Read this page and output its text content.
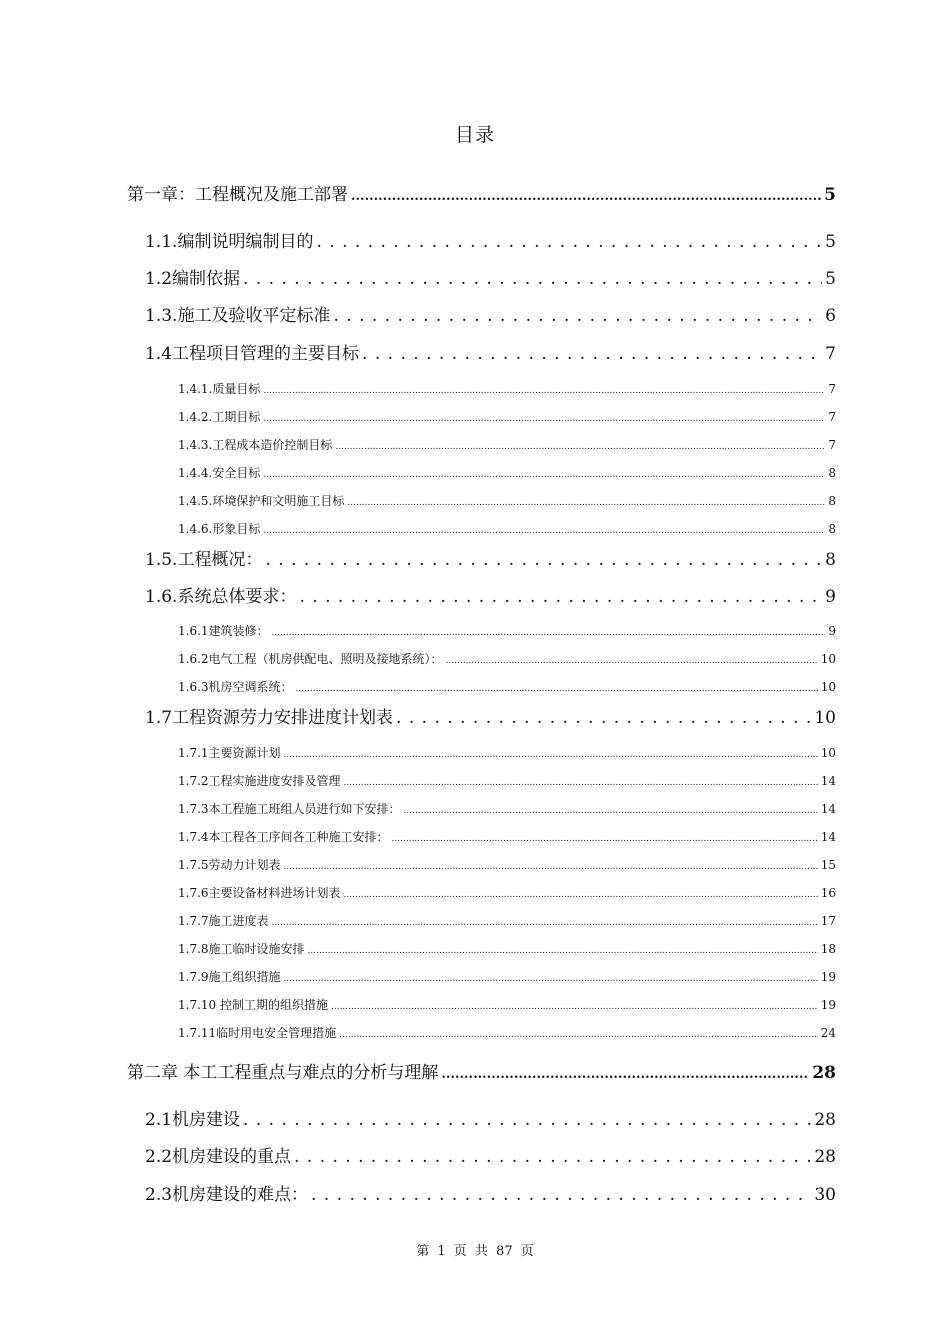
目录
第一章：工程概况及施工部署 .....	5
1.1.编制说明编制目的 . . .	5
1.2编制依据 . . .	5
1.3.施工及验收平定标准 . . .	6
1.4工程项目管理的主要目标 . . .	7
1.4.1.质量目标 .....	7
1.4.2.工期目标 .....	7
1.4.3.工程成本造价控制目标 .....	7
1.4.4.安全目标 .....	8
1.4.5.环境保护和文明施工目标 .....	8
1.4.6.形象目标 .....	8
1.5.工程概况： . . .	8
1.6.系统总体要求： . . .	9
1.6.1建筑装修： .....	9
1.6.2电气工程（机房供配电、照明及接地系统）： .....	10
1.6.3机房空调系统： .....	10
1.7工程资源劳力安排进度计划表 . . .	10
1.7.1主要资源计划 .....	10
1.7.2工程实施进度安排及管理 .....	14
1.7.3本工程施工班组人员进行如下安排： .....	14
1.7.4本工程各工序间各工种施工安排： .....	14
1.7.5劳动力计划表 .....	15
1.7.6主要设备材料进场计划表 .....	16
1.7.7施工进度表 .....	17
1.7.8施工临时设施安排 .....	18
1.7.9施工组织措施 .....	19
1.7.10 控制工期的组织措施 .....	19
1.7.11临时用电安全管理措施 .....	24
第二章 本工工程重点与难点的分析与理解 .....	28
2.1机房建设 . . .	28
2.2机房建设的重点 . . .	28
2.3机房建设的难点： . . .	30
第 1 页 共 87 页
